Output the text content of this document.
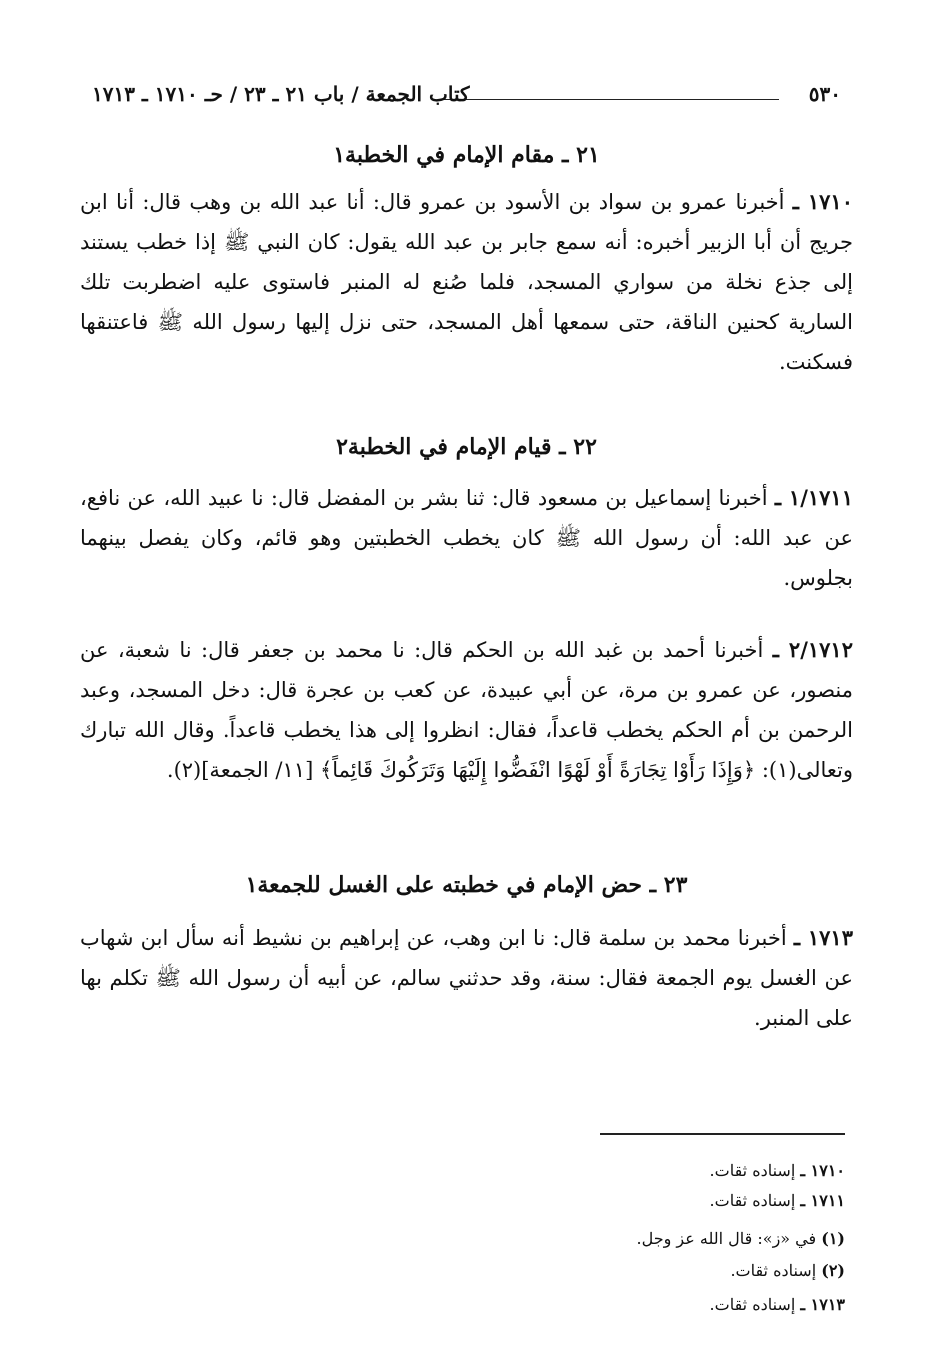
٥٣٠
كتاب الجمعة / باب ٢١ ـ ٢٣ / حـ ١٧١٠ ـ ١٧١٣
٢١ ـ مقام الإمام في الخطبة١

١٧١٠ ـ أخبرنا عمرو بن سواد بن الأسود بن عمرو قال: أنا عبد الله بن وهب قال: أنا ابن جريج أن أبا الزبير أخبره: أنه سمع جابر بن عبد الله يقول: كان النبي ﷺ إذا خطب يستند إلى جذع نخلة من سواري المسجد، فلما صُنع له المنبر فاستوى عليه اضطربت تلك السارية كحنين الناقة، حتى سمعها أهل المسجد، حتى نزل إليها رسول الله ﷺ فاعتنقها فسكنت.

٢٢ ـ قيام الإمام في الخطبة٢

١/١٧١١ ـ أخبرنا إسماعيل بن مسعود قال: ثنا بشر بن المفضل قال: نا عبيد الله، عن نافع، عن عبد الله: أن رسول الله ﷺ كان يخطب الخطبتين وهو قائم، وكان يفصل بينهما بجلوس.

٢/١٧١٢ ـ أخبرنا أحمد بن غبد الله بن الحكم قال: نا محمد بن جعفر قال: نا شعبة، عن منصور، عن عمرو بن مرة، عن أبي عبيدة، عن كعب بن عجرة قال: دخل المسجد، وعبد الرحمن بن أم الحكم يخطب قاعداً، فقال: انظروا إلى هذا يخطب قاعداً. وقال الله تبارك وتعالى(١): ﴿وَإِذَا رَأَوْا تِجَارَةً أَوْ لَهْوًا انْفَضُّوا إِلَيْهَا وَتَرَكُوكَ قَائِماً﴾ [١١/ الجمعة](٢).

٢٣ ـ حض الإمام في خطبته على الغسل للجمعة١

١٧١٣ ـ أخبرنا محمد بن سلمة قال: نا ابن وهب، عن إبراهيم بن نشيط أنه سأل ابن شهاب عن الغسل يوم الجمعة فقال: سنة، وقد حدثني سالم، عن أبيه أن رسول الله ﷺ تكلم بها على المنبر.

١٧١٠ ـ إسناده ثقات.
١٧١١ ـ إسناده ثقات.
(١) في «ز»: قال الله عز وجل.
(٢) إسناده ثقات.
١٧١٣ ـ إسناده ثقات.
